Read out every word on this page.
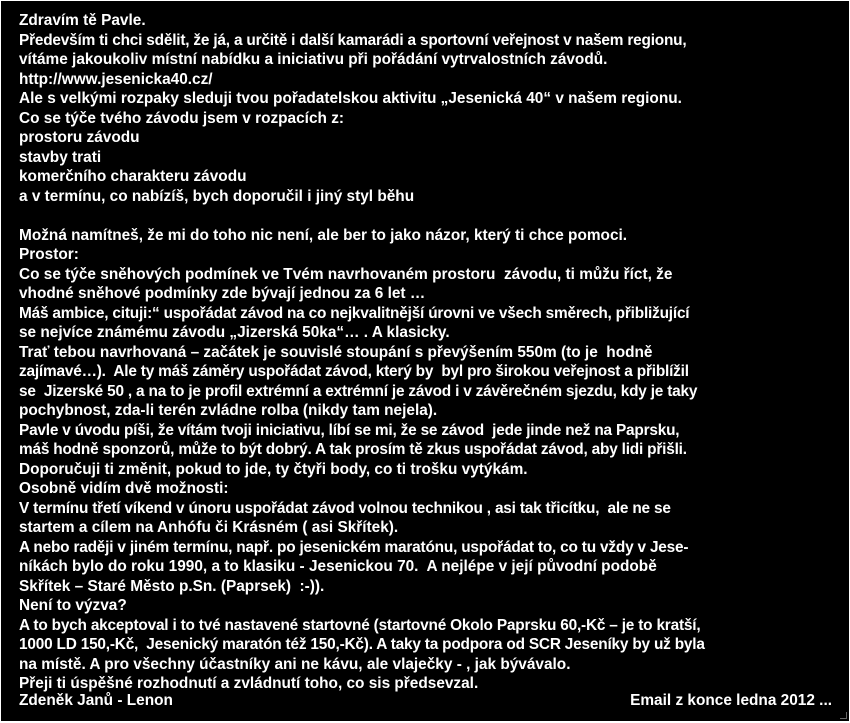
Zdravím tě Pavle.
Především ti chci sdělit, že já, a určitě i další kamarádi a sportovní veřejnost v našem regionu,
vítáme jakoukoliv místní nabídku a iniciativu při pořádání vytrvalostních závodů.
http://www.jesenicka40.cz/
Ale s velkými rozpaky sleduji tvou pořadatelskou aktivitu „Jesenická 40“ v našem regionu.
Co se týče tvého závodu jsem v rozpacích z:
prostoru závodu
stavby trati
komerčního charakteru závodu
a v termínu, co nabízíš, bych doporučil i jiný styl běhu
Možná namítneš, že mi do toho nic není, ale ber to jako názor, který ti chce pomoci.
Prostor:
Co se týče sněhových podmínek ve Tvém navrhovaném prostoru  závodu, ti můžu říct, že
vhodné sněhové podmínky zde bývají jednou za 6 let …
Máš ambice, cituji:“ uspořádat závod na co nejkvalitnější úrovni ve všech směrech, přibližující
se nejvíce známému závodu „Jizerská 50ka“… . A klasicky.
Trať tebou navrhovaná – začátek je souvislé stoupání s převýšením 550m (to je  hodně
zajímavé…).  Ale ty máš záměry uspořádat závod, který by  byl pro širokou veřejnost a přiblížil
se  Jizerské 50 , a na to je profil extrémní a extrémní je závod i v závěrečném sjezdu, kdy je taky
pochybnost, zda-li terén zvládne rolba (nikdy tam nejela).
Pavle v úvodu píši, že vítám tvoji iniciativu, líbí se mi, že se závod  jede jinde než na Paprsku,
máš hodně sponzorů, může to být dobrý. A tak prosím tě zkus uspořádat závod, aby lidi přišli.
Doporučuji ti změnit, pokud to jde, ty čtyři body, co ti trošku vytýkám.
Osobně vidím dvě možnosti:
V termínu třetí víkend v únoru uspořádat závod volnou technikou , asi tak třicítku,  ale ne se
startem a cílem na Anhófu či Krásném ( asi Skřítek).
A nebo raději v jiném termínu, např. po jesenickém maratónu, uspořádat to, co tu vždy v Jese-
níkách bylo do roku 1990, a to klasiku - Jesenickou 70.  A nejlépe v její původní podobě
Skřítek – Staré Město p.Sn. (Paprsek)  :-)).
Není to výzva?
A to bych akceptoval i to tvé nastavené startovné (startovné Okolo Paprsku 60,-Kč – je to kratší,
1000 LD 150,-Kč,  Jesenický maratón též 150,-Kč). A taky ta podpora od SCR Jeseníky by už byla
na místě. A pro všechny účastníky ani ne kávu, ale vlaječky - , jak bývávalo.
Přeji ti úspěšné rozhodnutí a zvládnutí toho, co sis předsevzal.
Zdeněk Janů - Lenon	Email z konce ledna 2012 ...
